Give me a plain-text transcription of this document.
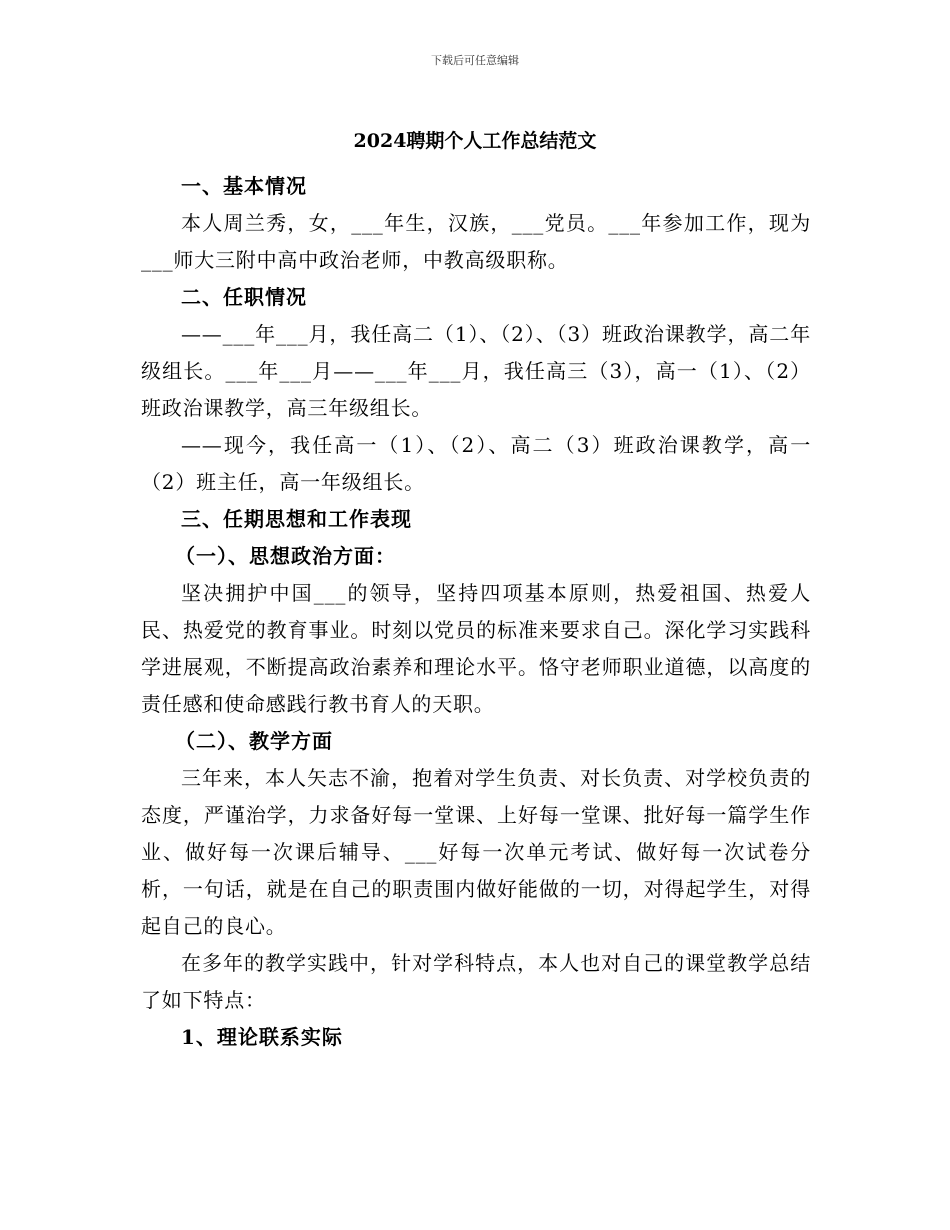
下载后可任意编辑
2024聘期个人工作总结范文

一、基本情况

本人周兰秀，女，___年生，汉族，___党员。___年参加工作，现为___师大三附中高中政治老师，中教高级职称。

二、任职情况

——___年___月，我任高二（1）、（2）、（3）班政治课教学，高二年级组长。___年___月——___年___月，我任高三（3），高一（1）、（2）班政治课教学，高三年级组长。

——现今，我任高一（1）、（2）、高二（3）班政治课教学，高一（2）班主任，高一年级组长。

三、任期思想和工作表现

（一）、思想政治方面：

坚决拥护中国___的领导，坚持四项基本原则，热爱祖国、热爱人民、热爱党的教育事业。时刻以党员的标准来要求自己。深化学习实践科学进展观，不断提高政治素养和理论水平。恪守老师职业道德，以高度的责任感和使命感践行教书育人的天职。

（二）、教学方面

三年来，本人矢志不渝，抱着对学生负责、对长负责、对学校负责的态度，严谨治学，力求备好每一堂课、上好每一堂课、批好每一篇学生作业、做好每一次课后辅导、___好每一次单元考试、做好每一次试卷分析，一句话，就是在自己的职责围内做好能做的一切，对得起学生，对得起自己的良心。

在多年的教学实践中，针对学科特点，本人也对自己的课堂教学总结了如下特点：

1、理论联系实际
